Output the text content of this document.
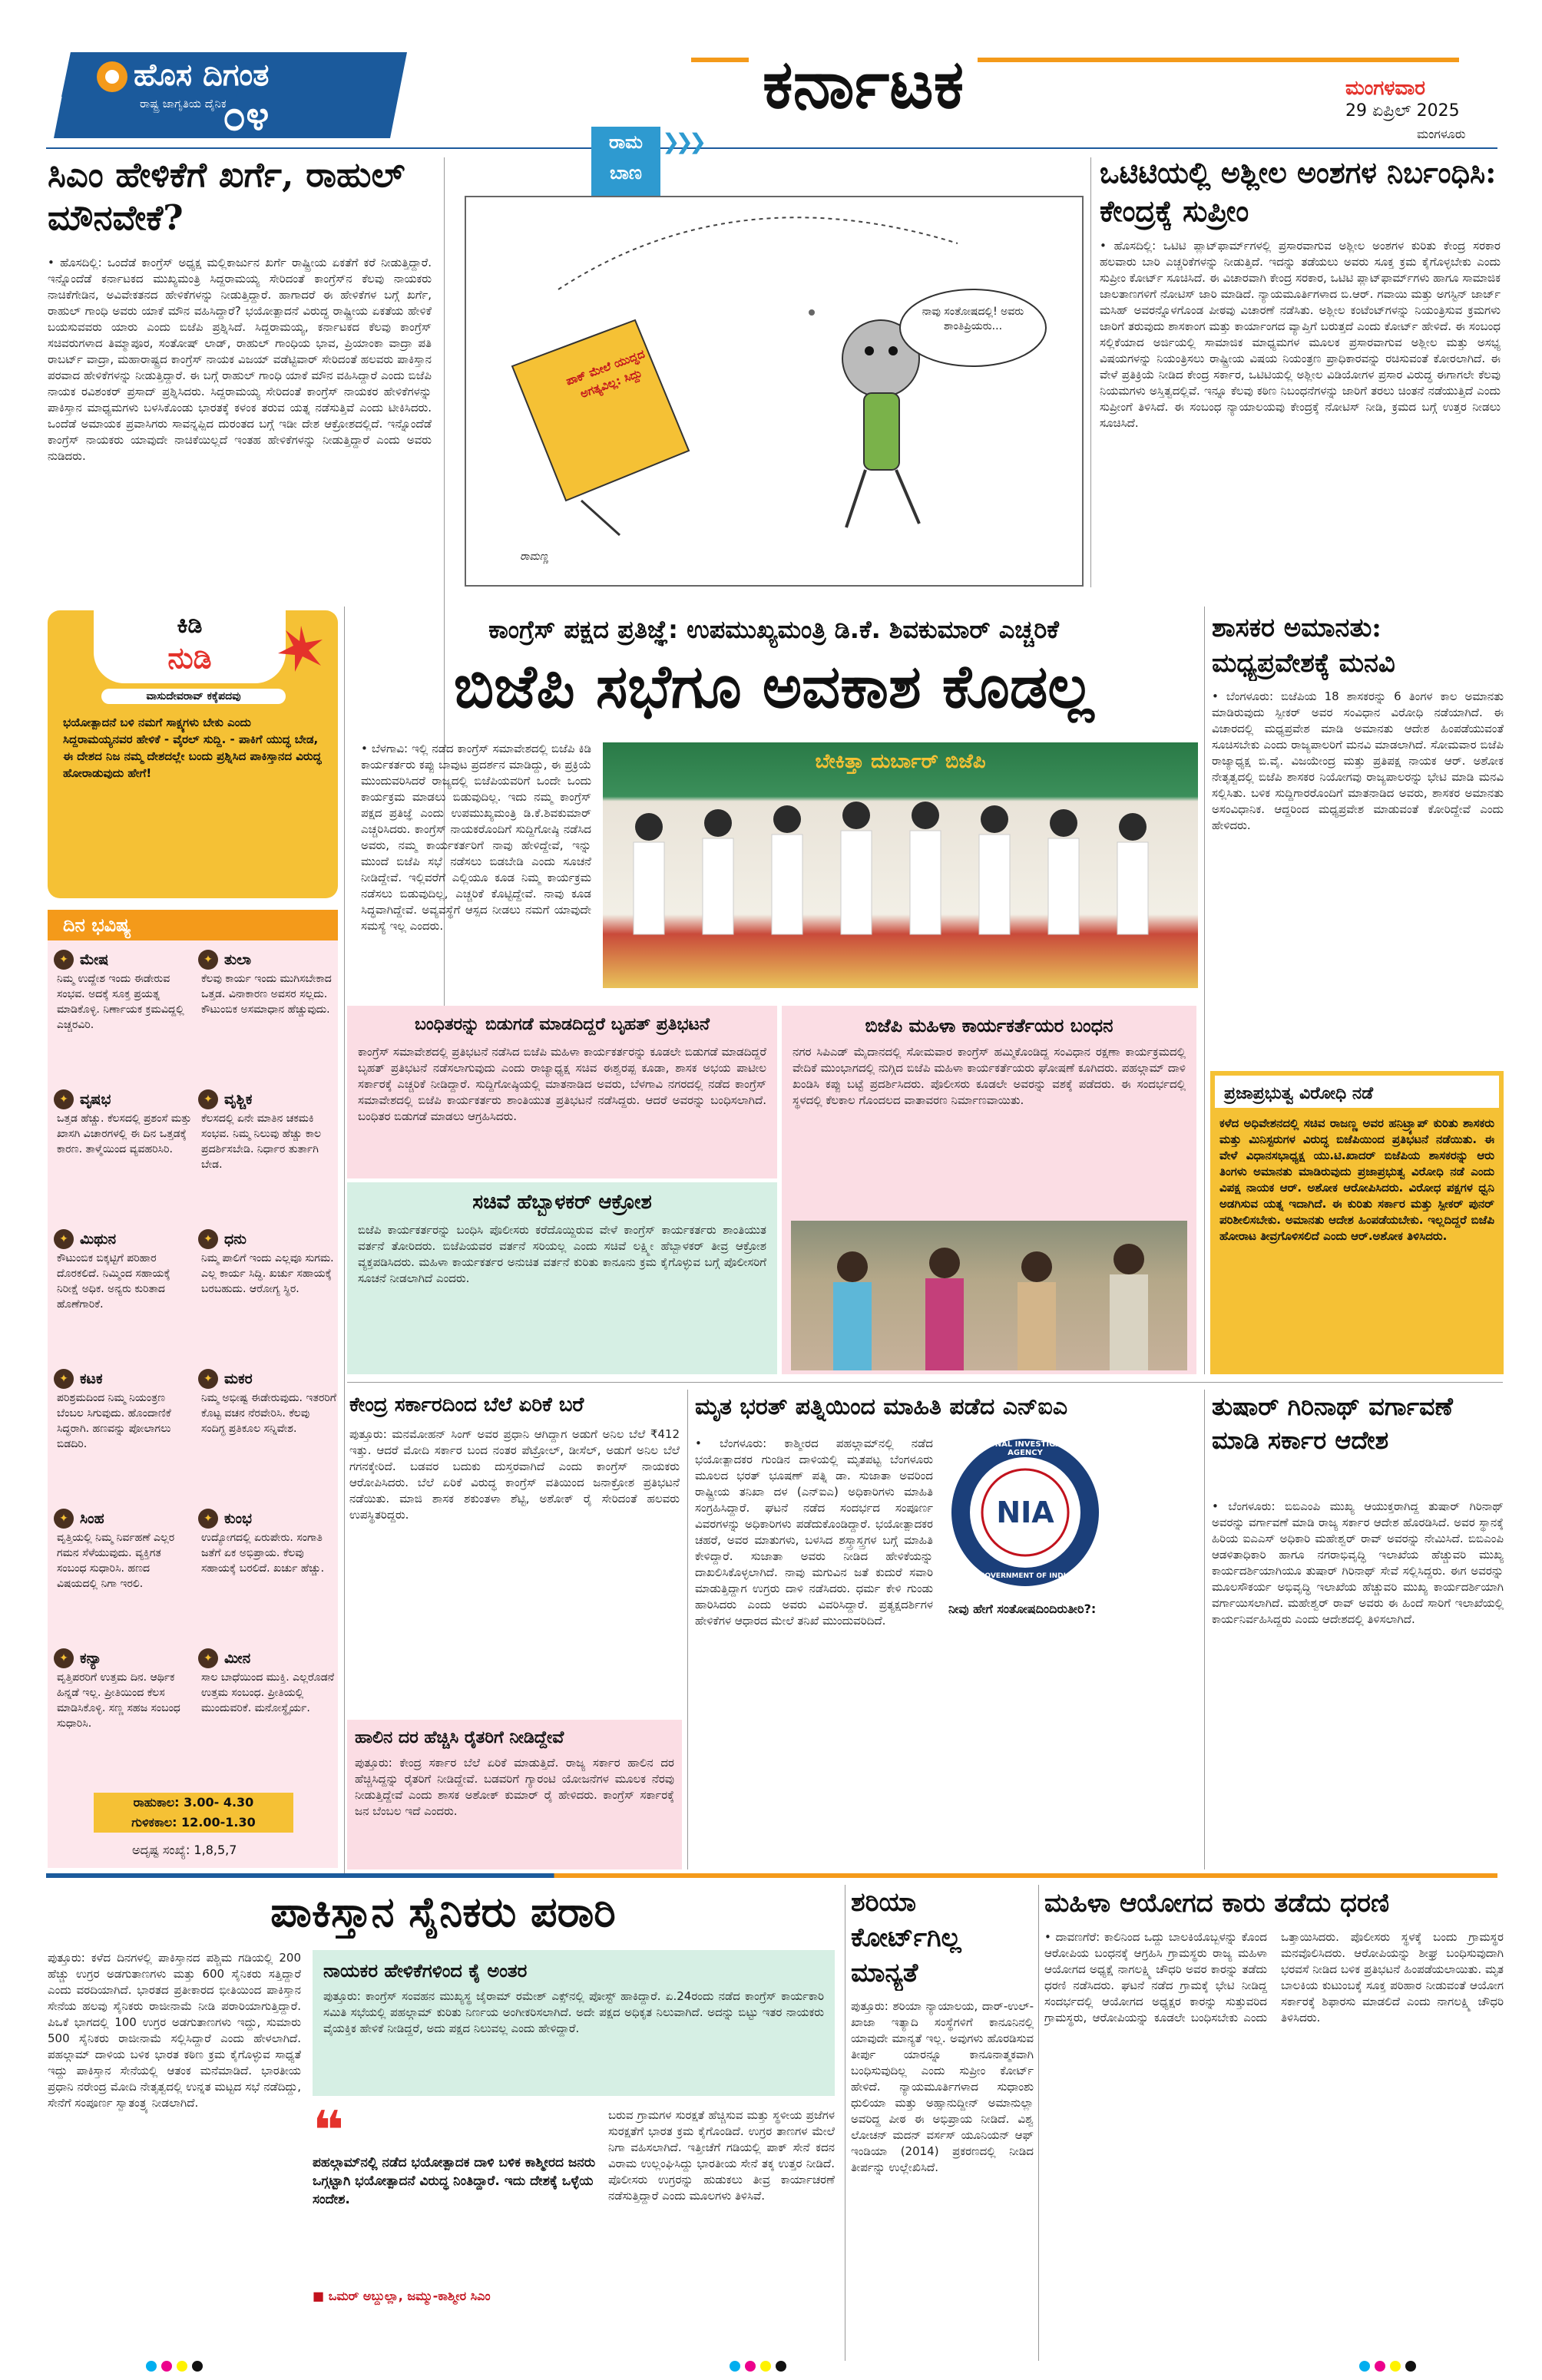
ಹೊಸ ದಿಗಂತ
ರಾಷ್ಟ್ರ ಜಾಗೃತಿಯ ದೈನಿಕ
೦೪	ಕರ್ನಾಟಕ	ಮಂಗಳವಾರ
29 ಏಪ್ರಿಲ್ 2025
ಮಂಗಳೂರು
ಸಿಎಂ ಹೇಳಿಕೆಗೆ ಖರ್ಗೆ, ರಾಹುಲ್ ಮೌನವೇಕೆ?
• ಹೊಸದಿಲ್ಲಿ: ಒಂದೆಡೆ ಕಾಂಗ್ರೆಸ್ ಅಧ್ಯಕ್ಷ ಮಲ್ಲಿಕಾರ್ಜುನ ಖರ್ಗೆ ರಾಷ್ಟ್ರೀಯ ಏಕತೆಗೆ ಕರೆ ನೀಡುತ್ತಿದ್ದಾರೆ. ಇನ್ನೊಂದೆಡೆ ಕರ್ನಾಟಕದ ಮುಖ್ಯಮಂತ್ರಿ ಸಿದ್ದರಾಮಯ್ಯ ಸೇರಿದಂತೆ ಕಾಂಗ್ರೆಸ್‌ನ ಕೆಲವು ನಾಯಕರು ನಾಚಿಕೆಗೇಡಿನ, ಅವಿವೇಕತನದ ಹೇಳಿಕೆಗಳನ್ನು ನೀಡುತ್ತಿದ್ದಾರೆ. ಹಾಗಾದರೆ ಈ ಹೇಳಿಕೆಗಳ ಬಗ್ಗೆ ಖರ್ಗೆ, ರಾಹುಲ್ ಗಾಂಧಿ ಅವರು ಯಾಕೆ ಮೌನ ವಹಿಸಿದ್ದಾರೆ? ಭಯೋತ್ಪಾದನೆ ವಿರುದ್ಧ ರಾಷ್ಟ್ರೀಯ ಏಕತೆಯ ಹೇಳಿಕೆ ಬಯಸುವವರು ಯಾರು ಎಂದು ಬಿಜೆಪಿ ಪ್ರಶ್ನಿಸಿದೆ. ಸಿದ್ದರಾಮಯ್ಯ, ಕರ್ನಾಟಕದ ಕೆಲವು ಕಾಂಗ್ರೆಸ್ ಸಚಿವರುಗಳಾದ ತಿಮ್ಮಾಪೂರ, ಸಂತೋಷ್ ಲಾಡ್, ರಾಹುಲ್ ಗಾಂಧಿಯ ಭಾವ, ಪ್ರಿಯಾಂಕಾ ವಾದ್ರಾ ಪತಿ ರಾಬರ್ಟ್ ವಾದ್ರಾ, ಮಹಾರಾಷ್ಟ್ರದ ಕಾಂಗ್ರೆಸ್ ನಾಯಕ ವಿಜಯ್ ವಡೆಟ್ಟಿವಾರ್ ಸೇರಿದಂತೆ ಹಲವರು ಪಾಕಿಸ್ತಾನ ಪರವಾದ ಹೇಳಿಕೆಗಳನ್ನು ನೀಡುತ್ತಿದ್ದಾರೆ. ಈ ಬಗ್ಗೆ ರಾಹುಲ್ ಗಾಂಧಿ ಯಾಕೆ ಮೌನ ವಹಿಸಿದ್ದಾರೆ ಎಂದು ಬಿಜೆಪಿ ನಾಯಕ ರವಿಶಂಕರ್ ಪ್ರಸಾದ್ ಪ್ರಶ್ನಿಸಿದರು. ಸಿದ್ದರಾಮಯ್ಯ ಸೇರಿದಂತೆ ಕಾಂಗ್ರೆಸ್ ನಾಯಕರ ಹೇಳಿಕೆಗಳನ್ನು ಪಾಕಿಸ್ತಾನ ಮಾಧ್ಯಮಗಳು ಬಳಸಿಕೊಂಡು ಭಾರತಕ್ಕೆ ಕಳಂಕ ತರುವ ಯತ್ನ ನಡೆಸುತ್ತಿವೆ ಎಂದು ಟೀಕಿಸಿದರು. ಒಂದೆಡೆ ಅಮಾಯಕ ಪ್ರವಾಸಿಗರು ಸಾವನ್ನಪ್ಪಿದ ದುರಂತದ ಬಗ್ಗೆ ಇಡೀ ದೇಶ ಆಕ್ರೋಶದಲ್ಲಿದೆ. ಇನ್ನೊಂದೆಡೆ ಕಾಂಗ್ರೆಸ್ ನಾಯಕರು ಯಾವುದೇ ನಾಚಿಕೆಯಿಲ್ಲದೆ ಇಂತಹ ಹೇಳಿಕೆಗಳನ್ನು ನೀಡುತ್ತಿದ್ದಾರೆ ಎಂದು ಅವರು ನುಡಿದರು.
ಪಾಕ್ ಮೇಲೆ ಯುದ್ಧದ ಅಗತ್ಯವಿಲ್ಲ: ಸಿದ್ದು
ನಾವು ಸಂತೋಷದಲ್ಲಿ! ಅವರು ಶಾಂತಿಪ್ರಿಯರು...
ರಾಮಣ್ಣ
ರಾಮ
ಬಾಣ
❯❯❯
ಒಟಿಟಿಯಲ್ಲಿ ಅಶ್ಲೀಲ ಅಂಶಗಳ ನಿರ್ಬಂಧಿಸಿ: ಕೇಂದ್ರಕ್ಕೆ ಸುಪ್ರೀಂ
• ಹೊಸದಿಲ್ಲಿ: ಒಟಿಟಿ ಪ್ಲಾಟ್‌ಫಾರ್ಮ್‌ಗಳಲ್ಲಿ ಪ್ರಸಾರವಾಗುವ ಅಶ್ಲೀಲ ಅಂಶಗಳ ಕುರಿತು ಕೇಂದ್ರ ಸರಕಾರ ಹಲವಾರು ಬಾರಿ ಎಚ್ಚರಿಕೆಗಳನ್ನು ನೀಡುತ್ತಿದೆ. ಇದನ್ನು ತಡೆಯಲು ಅವರು ಸೂಕ್ತ ಕ್ರಮ ಕೈಗೊಳ್ಳಬೇಕು ಎಂದು ಸುಪ್ರೀಂ ಕೋರ್ಟ್ ಸೂಚಿಸಿದೆ. ಈ ವಿಚಾರವಾಗಿ ಕೇಂದ್ರ ಸರಕಾರ, ಒಟಿಟಿ ಪ್ಲಾಟ್‌ಫಾರ್ಮ್‌ಗಳು ಹಾಗೂ ಸಾಮಾಜಿಕ ಜಾಲತಾಣಗಳಿಗೆ ನೋಟಿಸ್ ಜಾರಿ ಮಾಡಿದೆ. ನ್ಯಾಯಮೂರ್ತಿಗಳಾದ ಬಿ.ಆರ್. ಗವಾಯಿ ಮತ್ತು ಅಗಸ್ಟಿನ್ ಜಾರ್ಜ್ ಮಸಿಹ್ ಅವರನ್ನೊಳಗೊಂಡ ಪೀಠವು ವಿಚಾರಣೆ ನಡೆಸಿತು. ಅಶ್ಲೀಲ ಕಂಟೆಂಟ್‌ಗಳನ್ನು ನಿಯಂತ್ರಿಸುವ ಕ್ರಮಗಳು ಜಾರಿಗೆ ತರುವುದು ಶಾಸಕಾಂಗ ಮತ್ತು ಕಾರ್ಯಾಂಗದ ವ್ಯಾಪ್ತಿಗೆ ಬರುತ್ತದೆ ಎಂದು ಕೋರ್ಟ್ ಹೇಳಿದೆ. ಈ ಸಂಬಂಧ ಸಲ್ಲಿಕೆಯಾದ ಅರ್ಜಿಯಲ್ಲಿ ಸಾಮಾಜಿಕ ಮಾಧ್ಯಮಗಳ ಮೂಲಕ ಪ್ರಸಾರವಾಗುವ ಅಶ್ಲೀಲ ಮತ್ತು ಅಸಭ್ಯ ವಿಷಯಗಳನ್ನು ನಿಯಂತ್ರಿಸಲು ರಾಷ್ಟ್ರೀಯ ವಿಷಯ ನಿಯಂತ್ರಣ ಪ್ರಾಧಿಕಾರವನ್ನು ರಚಿಸುವಂತೆ ಕೋರಲಾಗಿದೆ. ಈ ವೇಳೆ ಪ್ರತಿಕ್ರಿಯೆ ನೀಡಿದ ಕೇಂದ್ರ ಸರ್ಕಾರ, ಒಟಿಟಿಯಲ್ಲಿ ಅಶ್ಲೀಲ ವಿಡಿಯೋಗಳ ಪ್ರಸಾರ ವಿರುದ್ಧ ಈಗಾಗಲೇ ಕೆಲವು ನಿಯಮಗಳು ಅಸ್ತಿತ್ವದಲ್ಲಿವೆ. ಇನ್ನೂ ಕೆಲವು ಕಠಿಣ ನಿಬಂಧನೆಗಳನ್ನು ಜಾರಿಗೆ ತರಲು ಚಿಂತನೆ ನಡೆಯುತ್ತಿದೆ ಎಂದು ಸುಪ್ರೀಂಗೆ ತಿಳಿಸಿದೆ. ಈ ಸಂಬಂಧ ನ್ಯಾಯಾಲಯವು ಕೇಂದ್ರಕ್ಕೆ ನೋಟಿಸ್ ನೀಡಿ, ಕ್ರಮದ ಬಗ್ಗೆ ಉತ್ತರ ನೀಡಲು ಸೂಚಿಸಿದೆ.
ಕಿಡಿ
ನುಡಿ
ವಾಸುದೇವರಾವ್ ಕಕ್ಕೆಪದವು
ಭಯೋತ್ಪಾದನೆ ಬಳಿ ನಮಗೆ ಸಾಕ್ಷ್ಯಗಳು ಬೇಕು ಎಂದು ಸಿದ್ದರಾಮಯ್ಯನವರ ಹೇಳಿಕೆ - ವೈರಲ್ ಸುದ್ದಿ. - ಪಾಕಿಗೆ ಯುದ್ಧ ಬೇಡ, ಈ ದೇಶದ ನಿಜ ನಮ್ಮ ದೇಶದಲ್ಲೇ ಬಂದು ಪ್ರಶ್ನಿಸಿದ ಪಾಕಿಸ್ತಾನದ ವಿರುದ್ಧ ಹೋರಾಡುವುದು ಹೇಗೆ!
ದಿನ ಭವಿಷ್ಯ
✦ ಮೇಷ
ನಿಮ್ಮ ಉದ್ದೇಶ ಇಂದು ಈಡೇರುವ ಸಂಭವ. ಅದಕ್ಕೆ ಸೂಕ್ತ ಪ್ರಯತ್ನ ಮಾಡಿಕೊಳ್ಳಿ. ನಿರ್ಣಾಯಕ ಕ್ರಮವಿದ್ದಲ್ಲಿ ಎಚ್ಚರವಿರಿ.
✦ ವೃಷಭ
ಒತ್ತಡ ಹೆಚ್ಚು. ಕೆಲಸದಲ್ಲಿ ಪ್ರಶಂಸೆ ಮತ್ತು ಖಾಸಗಿ ವಿಚಾರಗಳಲ್ಲಿ ಈ ದಿನ ಒತ್ತಡಕ್ಕೆ ಕಾರಣ. ತಾಳ್ಮೆಯಿಂದ ವ್ಯವಹರಿಸಿರಿ.
✦ ಮಿಥುನ
ಕೌಟುಂಬಿಕ ಬಿಕ್ಕಟ್ಟಿಗೆ ಪರಿಹಾರ ದೊರಕಲಿದೆ. ನಿಮ್ಮಿಂದ ಸಹಾಯಕ್ಕೆ ನಿರೀಕ್ಷೆ ಅಧಿಕ. ಅನ್ಯರು ಕುರಿತಾದ ಹೊಣೆಗಾರಿಕೆ.
✦ ಕಟಕ
ಪರಿಶ್ರಮದಿಂದ ನಿಮ್ಮ ನಿಯಂತ್ರಣ ಬೆಂಬಲ ಸಿಗುವುದು. ಹೊಂದಾಣಿಕೆ ಸಿದ್ಧರಾಗಿ. ಹಣವನ್ನು ಪೋಲಾಗಲು ಬಿಡದಿರಿ.
✦ ಸಿಂಹ
ವೃತ್ತಿಯಲ್ಲಿ ನಿಮ್ಮ ನಿರ್ವಹಣೆ ಎಲ್ಲರ ಗಮನ ಸೆಳೆಯುವುದು. ವ್ಯಕ್ತಿಗತ ಸಂಬಂಧ ಸುಧಾರಿಸಿ. ಹಣದ ವಿಷಯದಲ್ಲಿ ನಿಗಾ ಇರಲಿ.
✦ ಕನ್ಯಾ
ವೃತ್ತಿಪರರಿಗೆ ಉತ್ತಮ ದಿನ. ಆರ್ಥಿಕ ಹಿನ್ನಡೆ ಇಲ್ಲ. ಪ್ರೀತಿಯಿಂದ ಕೆಲಸ ಮಾಡಿಸಿಕೊಳ್ಳಿ. ಸಣ್ಣ ಸಹಜ ಸಂಬಂಧ ಸುಧಾರಿಸಿ.
✦ ತುಲಾ
ಕೆಲವು ಕಾರ್ಯ ಇಂದು ಮುಗಿಸಬೇಕಾದ ಒತ್ತಡ. ವಿನಾಕಾರಣ ಅವಸರ ಸಲ್ಲದು. ಕೌಟುಂಬಿಕ ಅಸಮಾಧಾನ ಹೆಚ್ಚುವುದು.
✦ ವೃಶ್ಚಿಕ
ಕೆಲಸದಲ್ಲಿ ಏನೇ ಮಾತಿನ ಚಕಮಕಿ ಸಂಭವ. ನಿಮ್ಮ ನಿಲುವು ಹೆಚ್ಚು ಕಾಲ ಪ್ರದರ್ಶಿಸಬೇಡಿ. ನಿರ್ಧಾರ ತುರ್ತಾಗಿ ಬೇಡ.
✦ ಧನು
ನಿಮ್ಮ ಪಾಲಿಗೆ ಇಂದು ಎಲ್ಲವೂ ಸುಗಮ. ಎಲ್ಲ ಕಾರ್ಯ ಸಿದ್ಧಿ. ಖರ್ಚು ಸಹಾಯಕ್ಕೆ ಬರಬಹುದು. ಆರೋಗ್ಯ ಸ್ಥಿರ.
✦ ಮಕರ
ನಿಮ್ಮ ಅಭೀಷ್ಟ ಈಡೇರುವುದು. ಇತರರಿಗೆ ಕೊಟ್ಟ ವಚನ ನೆರವೇರಿಸಿ. ಕೆಲವು ಸಂದಿಗ್ಧ ಪ್ರತಿಕೂಲ ಸನ್ನಿವೇಶ.
✦ ಕುಂಭ
ಉದ್ಯೋಗದಲ್ಲಿ ಏರುಪೇರು. ಸಂಗಾತಿ ಜತೆಗೆ ಏಕ ಅಭಿಪ್ರಾಯ. ಕೆಲವು ಸಹಾಯಕ್ಕೆ ಬರಲಿದೆ. ಖರ್ಚು ಹೆಚ್ಚು.
✦ ಮೀನ
ಸಾಲ ಬಾಧೆಯಿಂದ ಮುಕ್ತಿ. ಎಲ್ಲರೊಡನೆ ಉತ್ತಮ ಸಂಬಂಧ. ಪ್ರೀತಿಯಲ್ಲಿ ಮುಂದುವರಿಕೆ. ಮನೋಸ್ಥೈರ್ಯ.
ರಾಹುಕಾಲ: 3.00- 4.30
ಗುಳಿಕಕಾಲ: 12.00-1.30
ಅದೃಷ್ಟ ಸಂಖ್ಯೆ: 1,8,5,7
ಕಾಂಗ್ರೆಸ್ ಪಕ್ಷದ ಪ್ರತಿಜ್ಞೆ: ಉಪಮುಖ್ಯಮಂತ್ರಿ ಡಿ.ಕೆ. ಶಿವಕುಮಾರ್ ಎಚ್ಚರಿಕೆ
ಬಿಜೆಪಿ ಸಭೆಗೂ ಅವಕಾಶ ಕೊಡಲ್ಲ
• ಬೆಳಗಾವಿ: ಇಲ್ಲಿ ನಡೆದ ಕಾಂಗ್ರೆಸ್ ಸಮಾವೇಶದಲ್ಲಿ ಬಿಜೆಪಿ ಕಿಡಿ ಕಾರ್ಯಕರ್ತರು ಕಪ್ಪು ಬಾವುಟ ಪ್ರದರ್ಶನ ಮಾಡಿದ್ದು, ಈ ಪ್ರಕ್ರಿಯೆ ಮುಂದುವರಿಸಿದರೆ ರಾಜ್ಯದಲ್ಲಿ ಬಿಜೆಪಿಯವರಿಗೆ ಒಂದೇ ಒಂದು ಕಾರ್ಯಕ್ರಮ ಮಾಡಲು ಬಿಡುವುದಿಲ್ಲ. ಇದು ನಮ್ಮ ಕಾಂಗ್ರೆಸ್ ಪಕ್ಷದ ಪ್ರತಿಜ್ಞೆ ಎಂದು ಉಪಮುಖ್ಯಮಂತ್ರಿ ಡಿ.ಕೆ.ಶಿವಕುಮಾರ್ ಎಚ್ಚರಿಸಿದರು. ಕಾಂಗ್ರೆಸ್ ನಾಯಕರೊಂದಿಗೆ ಸುದ್ದಿಗೋಷ್ಠಿ ನಡೆಸಿದ ಅವರು, ನಮ್ಮ ಕಾರ್ಯಕರ್ತರಿಗೆ ನಾವು ಹೇಳಿದ್ದೇವೆ, ಇನ್ನು ಮುಂದೆ ಬಿಜೆಪಿ ಸಭೆ ನಡೆಸಲು ಬಿಡಬೇಡಿ ಎಂದು ಸೂಚನೆ ನೀಡಿದ್ದೇವೆ. ಇಲ್ಲಿವರೆಗೆ ಎಲ್ಲಿಯೂ ಕೂಡ ನಿಮ್ಮ ಕಾರ್ಯಕ್ರಮ ನಡೆಸಲು ಬಿಡುವುದಿಲ್ಲ, ಎಚ್ಚರಿಕೆ ಕೊಟ್ಟಿದ್ದೇವೆ. ನಾವು ಕೂಡ ಸಿದ್ಧವಾಗಿದ್ದೇವೆ. ಅವ್ಯವಸ್ಥೆಗೆ ಆಸ್ಪದ ನೀಡಲು ನಮಗೆ ಯಾವುದೇ ಸಮಸ್ಯೆ ಇಲ್ಲ ಎಂದರು.
ಬೇಕಿತ್ತಾ ದುರ್ಬಾರ್ ಬಿಜೆಪಿ
ಬಂಧಿತರನ್ನು ಬಿಡುಗಡೆ ಮಾಡದಿದ್ದರೆ ಬೃಹತ್ ಪ್ರತಿಭಟನೆ
ಕಾಂಗ್ರೆಸ್ ಸಮಾವೇಶದಲ್ಲಿ ಪ್ರತಿಭಟನೆ ನಡೆಸಿದ ಬಿಜೆಪಿ ಮಹಿಳಾ ಕಾರ್ಯಕರ್ತರನ್ನು ಕೂಡಲೇ ಬಿಡುಗಡೆ ಮಾಡದಿದ್ದರೆ ಬೃಹತ್ ಪ್ರತಿಭಟನೆ ನಡೆಸಲಾಗುವುದು ಎಂದು ರಾಜ್ಯಾಧ್ಯಕ್ಷ ಸಚಿವ ಈಶ್ವರಪ್ಪ ಕೂಡಾ, ಶಾಸಕ ಅಭಯ ಪಾಟೀಲ ಸರ್ಕಾರಕ್ಕೆ ಎಚ್ಚರಿಕೆ ನೀಡಿದ್ದಾರೆ. ಸುದ್ದಿಗೋಷ್ಠಿಯಲ್ಲಿ ಮಾತನಾಡಿದ ಅವರು, ಬೆಳಗಾವಿ ನಗರದಲ್ಲಿ ನಡೆದ ಕಾಂಗ್ರೆಸ್ ಸಮಾವೇಶದಲ್ಲಿ ಬಿಜೆಪಿ ಕಾರ್ಯಕರ್ತರು ಶಾಂತಿಯುತ ಪ್ರತಿಭಟನೆ ನಡೆಸಿದ್ದರು. ಆದರೆ ಅವರನ್ನು ಬಂಧಿಸಲಾಗಿದೆ. ಬಂಧಿತರ ಬಿಡುಗಡೆ ಮಾಡಲು ಆಗ್ರಹಿಸಿದರು.
ಸಚಿವೆ ಹೆಬ್ಬಾಳಕರ್ ಆಕ್ರೋಶ
ಬಿಜೆಪಿ ಕಾರ್ಯಕರ್ತರನ್ನು ಬಂಧಿಸಿ ಪೊಲೀಸರು ಕರೆದೊಯ್ದಿರುವ ವೇಳೆ ಕಾಂಗ್ರೆಸ್ ಕಾರ್ಯಕರ್ತರು ಶಾಂತಿಯುತ ವರ್ತನೆ ತೋರಿದರು. ಬಿಜೆಪಿಯವರ ವರ್ತನೆ ಸರಿಯಲ್ಲ ಎಂದು ಸಚಿವೆ ಲಕ್ಷ್ಮೀ ಹೆಬ್ಬಾಳಕರ್ ತೀವ್ರ ಆಕ್ರೋಶ ವ್ಯಕ್ತಪಡಿಸಿದರು. ಮಹಿಳಾ ಕಾರ್ಯಕರ್ತರ ಅನುಚಿತ ವರ್ತನೆ ಕುರಿತು ಕಾನೂನು ಕ್ರಮ ಕೈಗೊಳ್ಳುವ ಬಗ್ಗೆ ಪೊಲೀಸರಿಗೆ ಸೂಚನೆ ನೀಡಲಾಗಿದೆ ಎಂದರು.
ಬಿಜೆಪಿ ಮಹಿಳಾ ಕಾರ್ಯಕರ್ತೆಯರ ಬಂಧನ
ನಗರ ಸಿಪಿಎಡ್ ಮೈದಾನದಲ್ಲಿ ಸೋಮವಾರ ಕಾಂಗ್ರೆಸ್ ಹಮ್ಮಿಕೊಂಡಿದ್ದ ಸಂವಿಧಾನ ರಕ್ಷಣಾ ಕಾರ್ಯಕ್ರಮದಲ್ಲಿ ವೇದಿಕೆ ಮುಂಭಾಗದಲ್ಲಿ ನುಗ್ಗಿದ ಬಿಜೆಪಿ ಮಹಿಳಾ ಕಾರ್ಯಕರ್ತೆಯರು ಘೋಷಣೆ ಕೂಗಿದರು. ಪಹಲ್ಗಾಮ್ ದಾಳಿ ಖಂಡಿಸಿ ಕಪ್ಪು ಬಟ್ಟೆ ಪ್ರದರ್ಶಿಸಿದರು. ಪೊಲೀಸರು ಕೂಡಲೇ ಅವರನ್ನು ವಶಕ್ಕೆ ಪಡೆದರು. ಈ ಸಂದರ್ಭದಲ್ಲಿ ಸ್ಥಳದಲ್ಲಿ ಕೆಲಕಾಲ ಗೊಂದಲದ ವಾತಾವರಣ ನಿರ್ಮಾಣವಾಯಿತು.
ಶಾಸಕರ ಅಮಾನತು: ಮಧ್ಯಪ್ರವೇಶಕ್ಕೆ ಮನವಿ
• ಬೆಂಗಳೂರು: ಬಿಜೆಪಿಯ 18 ಶಾಸಕರನ್ನು 6 ತಿಂಗಳ ಕಾಲ ಅಮಾನತು ಮಾಡಿರುವುದು ಸ್ಪೀಕರ್ ಅವರ ಸಂವಿಧಾನ ವಿರೋಧಿ ನಡೆಯಾಗಿದೆ. ಈ ವಿಚಾರದಲ್ಲಿ ಮಧ್ಯಪ್ರವೇಶ ಮಾಡಿ ಅಮಾನತು ಆದೇಶ ಹಿಂಪಡೆಯುವಂತೆ ಸೂಚಿಸಬೇಕು ಎಂದು ರಾಜ್ಯಪಾಲರಿಗೆ ಮನವಿ ಮಾಡಲಾಗಿದೆ. ಸೋಮವಾರ ಬಿಜೆಪಿ ರಾಜ್ಯಾಧ್ಯಕ್ಷ ಬಿ.ವೈ. ವಿಜಯೇಂದ್ರ ಮತ್ತು ಪ್ರತಿಪಕ್ಷ ನಾಯಕ ಆರ್. ಅಶೋಕ ನೇತೃತ್ವದಲ್ಲಿ ಬಿಜೆಪಿ ಶಾಸಕರ ನಿಯೋಗವು ರಾಜ್ಯಪಾಲರನ್ನು ಭೇಟಿ ಮಾಡಿ ಮನವಿ ಸಲ್ಲಿಸಿತು. ಬಳಿಕ ಸುದ್ದಿಗಾರರೊಂದಿಗೆ ಮಾತನಾಡಿದ ಅವರು, ಶಾಸಕರ ಅಮಾನತು ಅಸಂವಿಧಾನಿಕ. ಆದ್ದರಿಂದ ಮಧ್ಯಪ್ರವೇಶ ಮಾಡುವಂತೆ ಕೋರಿದ್ದೇವೆ ಎಂದು ಹೇಳಿದರು.
ಪ್ರಜಾಪ್ರಭುತ್ವ ವಿರೋಧಿ ನಡೆ
ಕಳೆದ ಅಧಿವೇಶನದಲ್ಲಿ ಸಚಿವ ರಾಜಣ್ಣ ಅವರ ಹನಿಟ್ರ್ಯಾಪ್ ಕುರಿತು ಶಾಸಕರು ಮತ್ತು ಮಿನಿಸ್ಟರುಗಳ ವಿರುದ್ಧ ಬಿಜೆಪಿಯಿಂದ ಪ್ರತಿಭಟನೆ ನಡೆಯಿತು. ಈ ವೇಳೆ ವಿಧಾನಸಭಾಧ್ಯಕ್ಷ ಯು.ಟಿ.ಖಾದರ್ ಬಿಜೆಪಿಯ ಶಾಸಕರನ್ನು ಆರು ತಿಂಗಳು ಅಮಾನತು ಮಾಡಿರುವುದು ಪ್ರಜಾಪ್ರಭುತ್ವ ವಿರೋಧಿ ನಡೆ ಎಂದು ವಿಪಕ್ಷ ನಾಯಕ ಆರ್. ಅಶೋಕ ಆರೋಪಿಸಿದರು. ವಿರೋಧ ಪಕ್ಷಗಳ ಧ್ವನಿ ಅಡಗಿಸುವ ಯತ್ನ ಇದಾಗಿದೆ. ಈ ಕುರಿತು ಸರ್ಕಾರ ಮತ್ತು ಸ್ಪೀಕರ್ ಪುನರ್ ಪರಿಶೀಲಿಸಬೇಕು. ಅಮಾನತು ಆದೇಶ ಹಿಂಪಡೆಯಬೇಕು. ಇಲ್ಲದಿದ್ದರೆ ಬಿಜೆಪಿ ಹೋರಾಟ ತೀವ್ರಗೊಳಿಸಲಿದೆ ಎಂದು ಆರ್.ಅಶೋಕ ತಿಳಿಸಿದರು.
ಕೇಂದ್ರ ಸರ್ಕಾರದಿಂದ ಬೆಲೆ ಏರಿಕೆ ಬರೆ
ಪುತ್ತೂರು: ಮನಮೋಹನ್ ಸಿಂಗ್ ಅವರ ಪ್ರಧಾನಿ ಆಗಿದ್ದಾಗ ಅಡುಗೆ ಅನಿಲ ಬೆಲೆ ₹412 ಇತ್ತು. ಆದರೆ ಮೋದಿ ಸರ್ಕಾರ ಬಂದ ನಂತರ ಪೆಟ್ರೋಲ್, ಡೀಸೆಲ್, ಅಡುಗೆ ಅನಿಲ ಬೆಲೆ ಗಗನಕ್ಕೇರಿದೆ. ಬಡವರ ಬದುಕು ದುಸ್ತರವಾಗಿದೆ ಎಂದು ಕಾಂಗ್ರೆಸ್ ನಾಯಕರು ಆರೋಪಿಸಿದರು. ಬೆಲೆ ಏರಿಕೆ ವಿರುದ್ಧ ಕಾಂಗ್ರೆಸ್ ವತಿಯಿಂದ ಜನಾಕ್ರೋಶ ಪ್ರತಿಭಟನೆ ನಡೆಯಿತು. ಮಾಜಿ ಶಾಸಕ ಶಕುಂತಳಾ ಶೆಟ್ಟಿ, ಅಶೋಕ್ ರೈ ಸೇರಿದಂತೆ ಹಲವರು ಉಪಸ್ಥಿತರಿದ್ದರು.
ಹಾಲಿನ ದರ ಹೆಚ್ಚಿಸಿ ರೈತರಿಗೆ ನೀಡಿದ್ದೇವೆ
ಪುತ್ತೂರು: ಕೇಂದ್ರ ಸರ್ಕಾರ ಬೆಲೆ ಏರಿಕೆ ಮಾಡುತ್ತಿದೆ. ರಾಜ್ಯ ಸರ್ಕಾರ ಹಾಲಿನ ದರ ಹೆಚ್ಚಿಸಿದ್ದನ್ನು ರೈತರಿಗೆ ನೀಡಿದ್ದೇವೆ. ಬಡವರಿಗೆ ಗ್ಯಾರಂಟಿ ಯೋಜನೆಗಳ ಮೂಲಕ ನೆರವು ನೀಡುತ್ತಿದ್ದೇವೆ ಎಂದು ಶಾಸಕ ಅಶೋಕ್ ಕುಮಾರ್ ರೈ ಹೇಳಿದರು. ಕಾಂಗ್ರೆಸ್ ಸರ್ಕಾರಕ್ಕೆ ಜನ ಬೆಂಬಲ ಇದೆ ಎಂದರು.
ಮೃತ ಭರತ್ ಪತ್ನಿಯಿಂದ ಮಾಹಿತಿ ಪಡೆದ ಎನ್‌ಐಎ
• ಬೆಂಗಳೂರು: ಕಾಶ್ಮೀರದ ಪಹಲ್ಗಾಮ್‌ನಲ್ಲಿ ನಡೆದ ಭಯೋತ್ಪಾದಕರ ಗುಂಡಿನ ದಾಳಿಯಲ್ಲಿ ಮೃತಪಟ್ಟ ಬೆಂಗಳೂರು ಮೂಲದ ಭರತ್ ಭೂಷಣ್ ಪತ್ನಿ ಡಾ. ಸುಜಾತಾ ಅವರಿಂದ ರಾಷ್ಟ್ರೀಯ ತನಿಖಾ ದಳ (ಎನ್‌ಐಎ) ಅಧಿಕಾರಿಗಳು ಮಾಹಿತಿ ಸಂಗ್ರಹಿಸಿದ್ದಾರೆ. ಘಟನೆ ನಡೆದ ಸಂದರ್ಭದ ಸಂಪೂರ್ಣ ವಿವರಗಳನ್ನು ಅಧಿಕಾರಿಗಳು ಪಡೆದುಕೊಂಡಿದ್ದಾರೆ. ಭಯೋತ್ಪಾದಕರ ಚಹರೆ, ಅವರ ಮಾತುಗಳು, ಬಳಸಿದ ಶಸ್ತ್ರಾಸ್ತ್ರಗಳ ಬಗ್ಗೆ ಮಾಹಿತಿ ಕೇಳಿದ್ದಾರೆ. ಸುಜಾತಾ ಅವರು ನೀಡಿದ ಹೇಳಿಕೆಯನ್ನು ದಾಖಲಿಸಿಕೊಳ್ಳಲಾಗಿದೆ. ನಾವು ಮಗುವಿನ ಜತೆ ಕುದುರೆ ಸವಾರಿ ಮಾಡುತ್ತಿದ್ದಾಗ ಉಗ್ರರು ದಾಳಿ ನಡೆಸಿದರು. ಧರ್ಮ ಕೇಳಿ ಗುಂಡು ಹಾರಿಸಿದರು ಎಂದು ಅವರು ವಿವರಿಸಿದ್ದಾರೆ. ಪ್ರತ್ಯಕ್ಷದರ್ಶಿಗಳ ಹೇಳಿಕೆಗಳ ಆಧಾರದ ಮೇಲೆ ತನಿಖೆ ಮುಂದುವರಿದಿದೆ.
NATIONAL INVESTIGATION AGENCY
NIA
GOVERNMENT OF INDIA
ನೀವು ಹೇಗೆ ಸಂತೋಷದಿಂದಿರುತೀರಿ?:
ತುಷಾರ್ ಗಿರಿನಾಥ್ ವರ್ಗಾವಣೆ ಮಾಡಿ ಸರ್ಕಾರ ಆದೇಶ
• ಬೆಂಗಳೂರು: ಬಿಬಿಎಂಪಿ ಮುಖ್ಯ ಆಯುಕ್ತರಾಗಿದ್ದ ತುಷಾರ್ ಗಿರಿನಾಥ್ ಅವರನ್ನು ವರ್ಗಾವಣೆ ಮಾಡಿ ರಾಜ್ಯ ಸರ್ಕಾರ ಆದೇಶ ಹೊರಡಿಸಿದೆ. ಅವರ ಸ್ಥಾನಕ್ಕೆ ಹಿರಿಯ ಐಎಎಸ್ ಅಧಿಕಾರಿ ಮಹೇಶ್ವರ್ ರಾವ್ ಅವರನ್ನು ನೇಮಿಸಿದೆ. ಬಿಬಿಎಂಪಿ ಆಡಳಿತಾಧಿಕಾರಿ ಹಾಗೂ ನಗರಾಭಿವೃದ್ಧಿ ಇಲಾಖೆಯ ಹೆಚ್ಚುವರಿ ಮುಖ್ಯ ಕಾರ್ಯದರ್ಶಿಯಾಗಿಯೂ ತುಷಾರ್ ಗಿರಿನಾಥ್ ಸೇವೆ ಸಲ್ಲಿಸಿದ್ದರು. ಈಗ ಅವರನ್ನು ಮೂಲಸೌಕರ್ಯ ಅಭಿವೃದ್ಧಿ ಇಲಾಖೆಯ ಹೆಚ್ಚುವರಿ ಮುಖ್ಯ ಕಾರ್ಯದರ್ಶಿಯಾಗಿ ವರ್ಗಾಯಿಸಲಾಗಿದೆ. ಮಹೇಶ್ವರ್ ರಾವ್ ಅವರು ಈ ಹಿಂದೆ ಸಾರಿಗೆ ಇಲಾಖೆಯಲ್ಲಿ ಕಾರ್ಯನಿರ್ವಹಿಸಿದ್ದರು ಎಂದು ಆದೇಶದಲ್ಲಿ ತಿಳಿಸಲಾಗಿದೆ.
ಪಾಕಿಸ್ತಾನ ಸೈನಿಕರು ಪರಾರಿ
ಪುತ್ತೂರು: ಕಳೆದ ದಿನಗಳಲ್ಲಿ ಪಾಕಿಸ್ತಾನದ ಪಶ್ಚಿಮ ಗಡಿಯಲ್ಲಿ 200 ಹೆಚ್ಚು ಉಗ್ರರ ಅಡಗುತಾಣಗಳು ಮತ್ತು 600 ಸೈನಿಕರು ಸತ್ತಿದ್ದಾರೆ ಎಂದು ವರದಿಯಾಗಿದೆ. ಭಾರತದ ಪ್ರತೀಕಾರದ ಭೀತಿಯಿಂದ ಪಾಕಿಸ್ತಾನ ಸೇನೆಯ ಹಲವು ಸೈನಿಕರು ರಾಜೀನಾಮೆ ನೀಡಿ ಪರಾರಿಯಾಗುತ್ತಿದ್ದಾರೆ. ಪಿಒಕೆ ಭಾಗದಲ್ಲಿ 100 ಉಗ್ರರ ಅಡಗುತಾಣಗಳು ಇದ್ದು, ಸುಮಾರು 500 ಸೈನಿಕರು ರಾಜೀನಾಮೆ ಸಲ್ಲಿಸಿದ್ದಾರೆ ಎಂದು ಹೇಳಲಾಗಿದೆ. ಪಹಲ್ಗಾಮ್ ದಾಳಿಯ ಬಳಿಕ ಭಾರತ ಕಠಿಣ ಕ್ರಮ ಕೈಗೊಳ್ಳುವ ಸಾಧ್ಯತೆ ಇದ್ದು ಪಾಕಿಸ್ತಾನ ಸೇನೆಯಲ್ಲಿ ಆತಂಕ ಮನೆಮಾಡಿದೆ. ಭಾರತೀಯ ಪ್ರಧಾನಿ ನರೇಂದ್ರ ಮೋದಿ ನೇತೃತ್ವದಲ್ಲಿ ಉನ್ನತ ಮಟ್ಟದ ಸಭೆ ನಡೆದಿದ್ದು, ಸೇನೆಗೆ ಸಂಪೂರ್ಣ ಸ್ವಾತಂತ್ರ್ಯ ನೀಡಲಾಗಿದೆ.
ನಾಯಕರ ಹೇಳಿಕೆಗಳಿಂದ ಕೈ ಅಂತರ
ಪುತ್ತೂರು: ಕಾಂಗ್ರೆಸ್ ಸಂವಹನ ಮುಖ್ಯಸ್ಥ ಜೈರಾಮ್ ರಮೇಶ್ ಎಕ್ಸ್‌ನಲ್ಲಿ ಪೋಸ್ಟ್ ಹಾಕಿದ್ದಾರೆ. ಏ.24ರಂದು ನಡೆದ ಕಾಂಗ್ರೆಸ್ ಕಾರ್ಯಕಾರಿ ಸಮಿತಿ ಸಭೆಯಲ್ಲಿ ಪಹಲ್ಗಾಮ್ ಕುರಿತು ನಿರ್ಣಯ ಅಂಗೀಕರಿಸಲಾಗಿದೆ. ಅದೇ ಪಕ್ಷದ ಅಧಿಕೃತ ನಿಲುವಾಗಿದೆ. ಅದನ್ನು ಬಿಟ್ಟು ಇತರ ನಾಯಕರು ವೈಯಕ್ತಿಕ ಹೇಳಿಕೆ ನೀಡಿದ್ದರೆ, ಅದು ಪಕ್ಷದ ನಿಲುವಲ್ಲ ಎಂದು ಹೇಳಿದ್ದಾರೆ.
❝
ಪಹಲ್ಗಾಮ್‌ನಲ್ಲಿ ನಡೆದ ಭಯೋತ್ಪಾದಕ ದಾಳಿ ಬಳಿಕ ಕಾಶ್ಮೀರದ ಜನರು ಒಗ್ಗಟ್ಟಾಗಿ ಭಯೋತ್ಪಾದನೆ ವಿರುದ್ಧ ನಿಂತಿದ್ದಾರೆ. ಇದು ದೇಶಕ್ಕೆ ಒಳ್ಳೆಯ ಸಂದೇಶ.
■ ಒಮರ್ ಅಬ್ದುಲ್ಲಾ, ಜಮ್ಮು-ಕಾಶ್ಮೀರ ಸಿಎಂ
ಬರುವ ಗ್ರಾಮಗಳ ಸುರಕ್ಷತೆ ಹೆಚ್ಚಿಸುವ ಮತ್ತು ಸ್ಥಳೀಯ ಪ್ರಜೆಗಳ ಸುರಕ್ಷತೆಗೆ ಭಾರತ ಕ್ರಮ ಕೈಗೊಂಡಿದೆ. ಉಗ್ರರ ತಾಣಗಳ ಮೇಲೆ ನಿಗಾ ವಹಿಸಲಾಗಿದೆ. ಇತ್ತೀಚೆಗೆ ಗಡಿಯಲ್ಲಿ ಪಾಕ್ ಸೇನೆ ಕದನ ವಿರಾಮ ಉಲ್ಲಂಘಿಸಿದ್ದು ಭಾರತೀಯ ಸೇನೆ ತಕ್ಕ ಉತ್ತರ ನೀಡಿದೆ. ಪೊಲೀಸರು ಉಗ್ರರನ್ನು ಹುಡುಕಲು ತೀವ್ರ ಕಾರ್ಯಾಚರಣೆ ನಡೆಸುತ್ತಿದ್ದಾರೆ ಎಂದು ಮೂಲಗಳು ತಿಳಿಸಿವೆ.
ಶರಿಯಾ ಕೋರ್ಟ್‌ಗಿಲ್ಲ ಮಾನ್ಯತೆ
ಪುತ್ತೂರು: ಶರಿಯಾ ನ್ಯಾಯಾಲಯ, ದಾರ್-ಉಲ್-ಖಾಜಾ ಇತ್ಯಾದಿ ಸಂಸ್ಥೆಗಳಿಗೆ ಕಾನೂನಿನಲ್ಲಿ ಯಾವುದೇ ಮಾನ್ಯತೆ ಇಲ್ಲ. ಅವುಗಳು ಹೊರಡಿಸುವ ತೀರ್ಪು ಯಾರನ್ನೂ ಕಾನೂನಾತ್ಮಕವಾಗಿ ಬಂಧಿಸುವುದಿಲ್ಲ ಎಂದು ಸುಪ್ರೀಂ ಕೋರ್ಟ್ ಹೇಳಿದೆ. ನ್ಯಾಯಮೂರ್ತಿಗಳಾದ ಸುಧಾಂಶು ಧುಲಿಯಾ ಮತ್ತು ಅಹ್ಸಾನುದ್ದೀನ್ ಅಮಾನುಲ್ಲಾ ಅವರಿದ್ದ ಪೀಠ ಈ ಅಭಿಪ್ರಾಯ ನೀಡಿದೆ. ವಿಶ್ವ ಲೋಚನ್ ಮದನ್ ವರ್ಸಸ್ ಯೂನಿಯನ್ ಆಫ್ ಇಂಡಿಯಾ (2014) ಪ್ರಕರಣದಲ್ಲಿ ನೀಡಿದ ತೀರ್ಪನ್ನು ಉಲ್ಲೇಖಿಸಿದೆ.
ಮಹಿಳಾ ಆಯೋಗದ ಕಾರು ತಡೆದು ಧರಣಿ
• ದಾವಣಗೆರೆ: ಕಾಲಿನಿಂದ ಒದ್ದು ಬಾಲಕಿಯೊಬ್ಬಳನ್ನು ಕೊಂದ ಆರೋಪಿಯ ಬಂಧನಕ್ಕೆ ಆಗ್ರಹಿಸಿ ಗ್ರಾಮಸ್ಥರು ರಾಜ್ಯ ಮಹಿಳಾ ಆಯೋಗದ ಅಧ್ಯಕ್ಷೆ ನಾಗಲಕ್ಷ್ಮಿ ಚೌಧರಿ ಅವರ ಕಾರನ್ನು ತಡೆದು ಧರಣಿ ನಡೆಸಿದರು. ಘಟನೆ ನಡೆದ ಗ್ರಾಮಕ್ಕೆ ಭೇಟಿ ನೀಡಿದ್ದ ಸಂದರ್ಭದಲ್ಲಿ ಆಯೋಗದ ಅಧ್ಯಕ್ಷರ ಕಾರನ್ನು ಸುತ್ತುವರಿದ ಗ್ರಾಮಸ್ಥರು, ಆರೋಪಿಯನ್ನು ಕೂಡಲೇ ಬಂಧಿಸಬೇಕು ಎಂದು ಒತ್ತಾಯಿಸಿದರು. ಪೊಲೀಸರು ಸ್ಥಳಕ್ಕೆ ಬಂದು ಗ್ರಾಮಸ್ಥರ ಮನವೊಲಿಸಿದರು. ಆರೋಪಿಯನ್ನು ಶೀಘ್ರ ಬಂಧಿಸುವುದಾಗಿ ಭರವಸೆ ನೀಡಿದ ಬಳಿಕ ಪ್ರತಿಭಟನೆ ಹಿಂಪಡೆಯಲಾಯಿತು. ಮೃತ ಬಾಲಕಿಯ ಕುಟುಂಬಕ್ಕೆ ಸೂಕ್ತ ಪರಿಹಾರ ನೀಡುವಂತೆ ಆಯೋಗ ಸರ್ಕಾರಕ್ಕೆ ಶಿಫಾರಸು ಮಾಡಲಿದೆ ಎಂದು ನಾಗಲಕ್ಷ್ಮಿ ಚೌಧರಿ ತಿಳಿಸಿದರು.
